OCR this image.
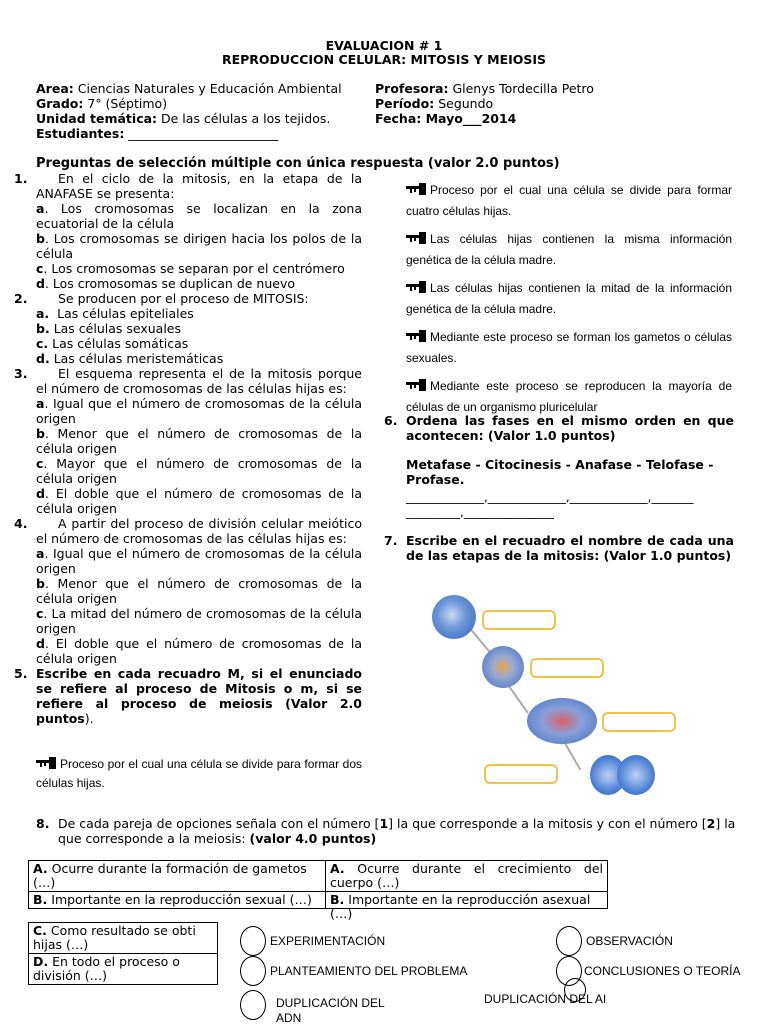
EVALUACION # 1
REPRODUCCION CELULAR: MITOSIS Y MEIOSIS
Area: Ciencias Naturales y Educación Ambiental
Grado: 7° (Séptimo)
Unidad temática: De las células a los tejidos.
Estudiantes: ________________________
Profesora: Glenys Tordecilla Petro
Período: Segundo
Fecha: Mayo___2014
Preguntas de selección múltiple con única respuesta (valor 2.0 puntos)
1.	En el ciclo de la mitosis, en la etapa de la ANAFASE se presenta:
a. Los cromosomas se localizan en la zona ecuatorial de la célula
b. Los cromosomas se dirigen hacia los polos de la célula
c. Los cromosomas se separan por el centrómero
d. Los cromosomas se duplican de nuevo
2.	Se producen por el proceso de MITOSIS:
a. Las células epiteliales
b. Las células sexuales
c. Las células somáticas
d. Las células meristemáticas
3.	El esquema representa el de la mitosis porque el número de cromosomas de las células hijas es:
a. Igual que el número de cromosomas de la célula origen
b. Menor que el número de cromosomas de la célula origen
c. Mayor que el número de cromosomas de la célula origen
d. El doble que el número de cromosomas de la célula origen
4.	A partir del proceso de división celular meiótico el número de cromosomas de las células hijas es:
a. Igual que el número de cromosomas de la célula origen
b. Menor que el número de cromosomas de la célula origen
c. La mitad del número de cromosomas de la célula origen
d. El doble que el número de cromosomas de la célula origen
5. Escribe en cada recuadro M, si el enunciado se refiere al proceso de Mitosis o m, si se refiere al proceso de meiosis (Valor 2.0 puntos).
Proceso por el cual una célula se divide para formar dos células hijas.
Proceso por el cual una célula se divide para formar cuatro células hijas.
Las células hijas contienen la misma información genética de la célula madre.
Las células hijas contienen la mitad de la información genética de la célula madre.
Mediante este proceso se forman los gametos o células sexuales.
Mediante este proceso se reproducen la mayoría de células de un organismo pluricelular
6. Ordena las fases en el mismo orden en que acontecen: (Valor 1.0 puntos)
Metafase - Citocinesis - Anafase - Telofase - Profase.
_____________,_____________,_____________,_______
_________,_______________
7. Escribe en el recuadro el nombre de cada una de las etapas de la mitosis: (Valor 1.0 puntos)
8. De cada pareja de opciones señala con el número [1] la que corresponde a la mitosis y con el número [2] la que corresponde a la meiosis: (valor 4.0 puntos)
A. Ocurre durante la formación de gametos (…)	A. Ocurre durante el crecimiento del cuerpo (…)
B. Importante en la reproducción sexual (…)	B. Importante en la reproducción asexual (…)
C. Como resultado se obti hijas (…)
D. En todo el proceso o división (…)
EXPERIMENTACIÓN	OBSERVACIÓN
PLANTEAMIENTO DEL PROBLEMA	CONCLUSIONES O TEORÍA
DUPLICACIÓN DEL ADN
DUPLICACIÓN DEL AI
